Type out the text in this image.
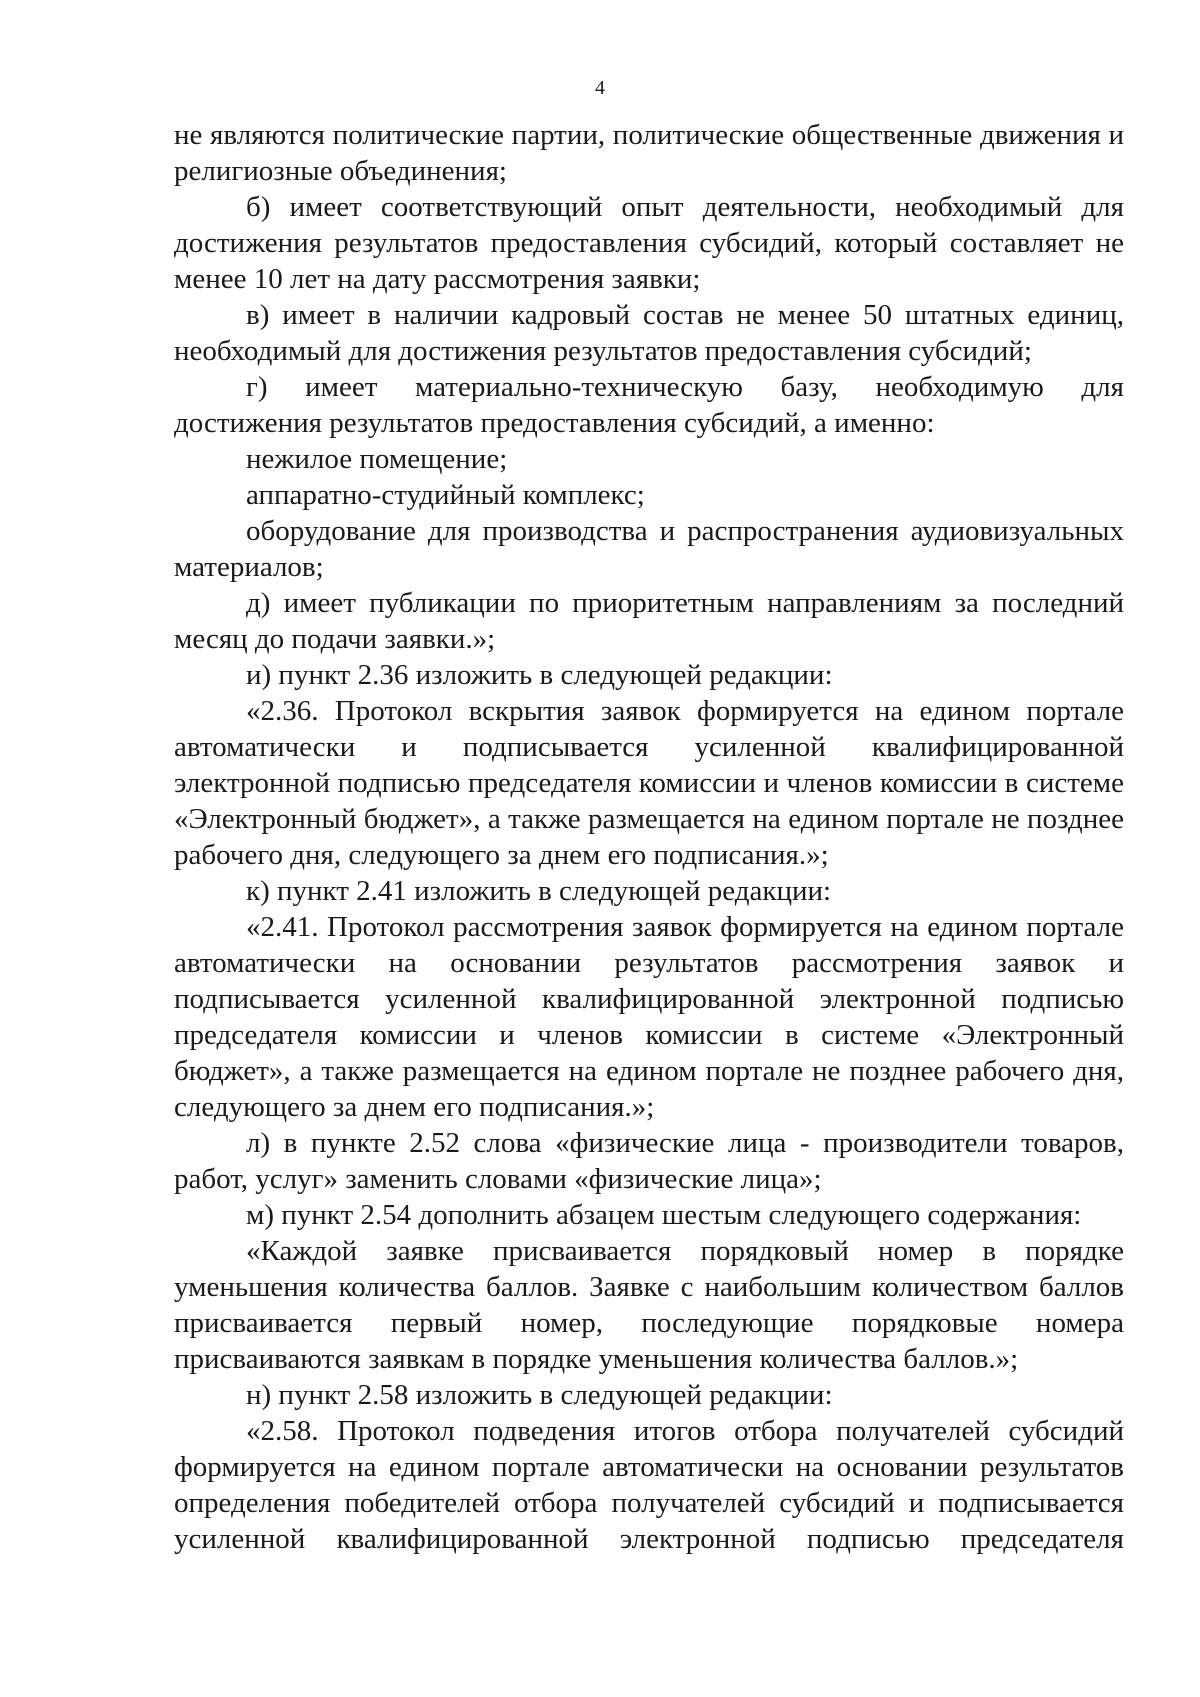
4

не являются политические партии, политические общественные движения и религиозные объединения;

б) имеет соответствующий опыт деятельности, необходимый для достижения результатов предоставления субсидий, который составляет не менее 10 лет на дату рассмотрения заявки;

в) имеет в наличии кадровый состав не менее 50 штатных единиц, необходимый для достижения результатов предоставления субсидий;

г) имеет материально-техническую базу, необходимую для достижения результатов предоставления субсидий, а именно:

нежилое помещение;

аппаратно-студийный комплекс;

оборудование для производства и распространения аудиовизуальных материалов;

д) имеет публикации по приоритетным направлениям за последний месяц до подачи заявки.»;

и) пункт 2.36 изложить в следующей редакции:

«2.36. Протокол вскрытия заявок формируется на едином портале автоматически и подписывается усиленной квалифицированной электронной подписью председателя комиссии и членов комиссии в системе «Электронный бюджет», а также размещается на едином портале не позднее рабочего дня, следующего за днем его подписания.»;

к) пункт 2.41 изложить в следующей редакции:

«2.41. Протокол рассмотрения заявок формируется на едином портале автоматически на основании результатов рассмотрения заявок и подписывается усиленной квалифицированной электронной подписью председателя комиссии и членов комиссии в системе «Электронный бюджет», а также размещается на едином портале не позднее рабочего дня, следующего за днем его подписания.»;

л) в пункте 2.52 слова «физические лица - производители товаров, работ, услуг» заменить словами «физические лица»;

м) пункт 2.54 дополнить абзацем шестым следующего содержания:

«Каждой заявке присваивается порядковый номер в порядке уменьшения количества баллов. Заявке с наибольшим количеством баллов присваивается первый номер, последующие порядковые номера присваиваются заявкам в порядке уменьшения количества баллов.»;

н) пункт 2.58 изложить в следующей редакции:

«2.58. Протокол подведения итогов отбора получателей субсидий формируется на едином портале автоматически на основании результатов определения победителей отбора получателей субсидий и подписывается усиленной квалифицированной электронной подписью председателя
